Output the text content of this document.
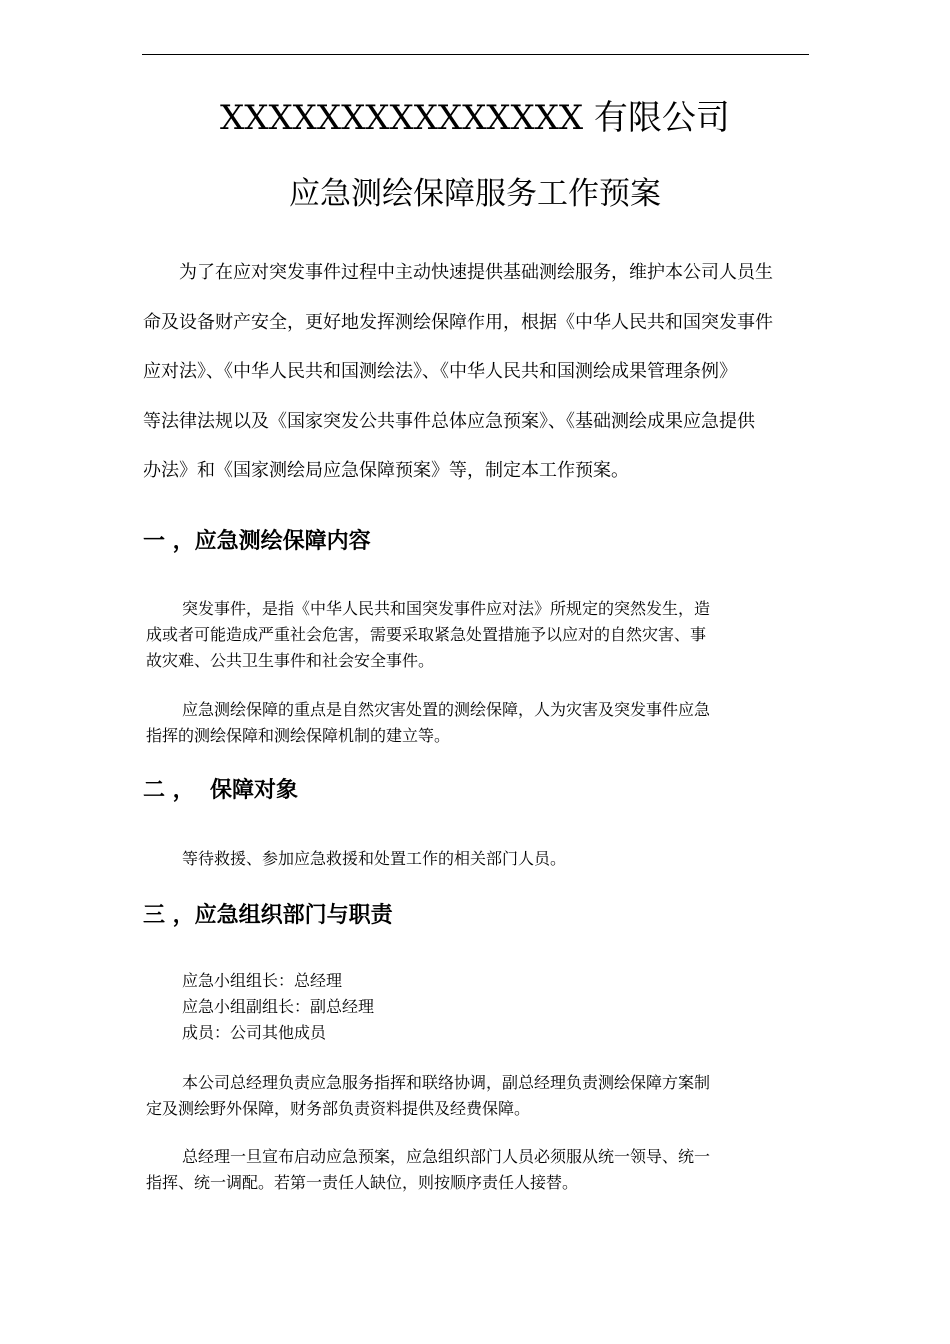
XXXXXXXXXXXXXXX 有限公司
应急测绘保障服务工作预案
为了在应对突发事件过程中主动快速提供基础测绘服务，维护本公司人员生
命及设备财产安全，更好地发挥测绘保障作用，根据《中华人民共和国突发事件
应对法》、《中华人民共和国测绘法》、《中华人民共和国测绘成果管理条例》
等法律法规以及《国家突发公共事件总体应急预案》、《基础测绘成果应急提供
办法》和《国家测绘局应急保障预案》等，制定本工作预案。
一 ，应急测绘保障内容
突发事件，是指《中华人民共和国突发事件应对法》所规定的突然发生，造
成或者可能造成严重社会危害，需要采取紧急处置措施予以应对的自然灾害、事
故灾难、公共卫生事件和社会安全事件。
应急测绘保障的重点是自然灾害处置的测绘保障，人为灾害及突发事件应急
指挥的测绘保障和测绘保障机制的建立等。
二 ，  保障对象
等待救援、参加应急救援和处置工作的相关部门人员。
三 ，应急组织部门与职责
应急小组组长：总经理
应急小组副组长：副总经理
成员：公司其他成员
本公司总经理负责应急服务指挥和联络协调，副总经理负责测绘保障方案制
定及测绘野外保障，财务部负责资料提供及经费保障。
总经理一旦宣布启动应急预案，应急组织部门人员必须服从统一领导、统一
指挥、统一调配。若第一责任人缺位，则按顺序责任人接替。
